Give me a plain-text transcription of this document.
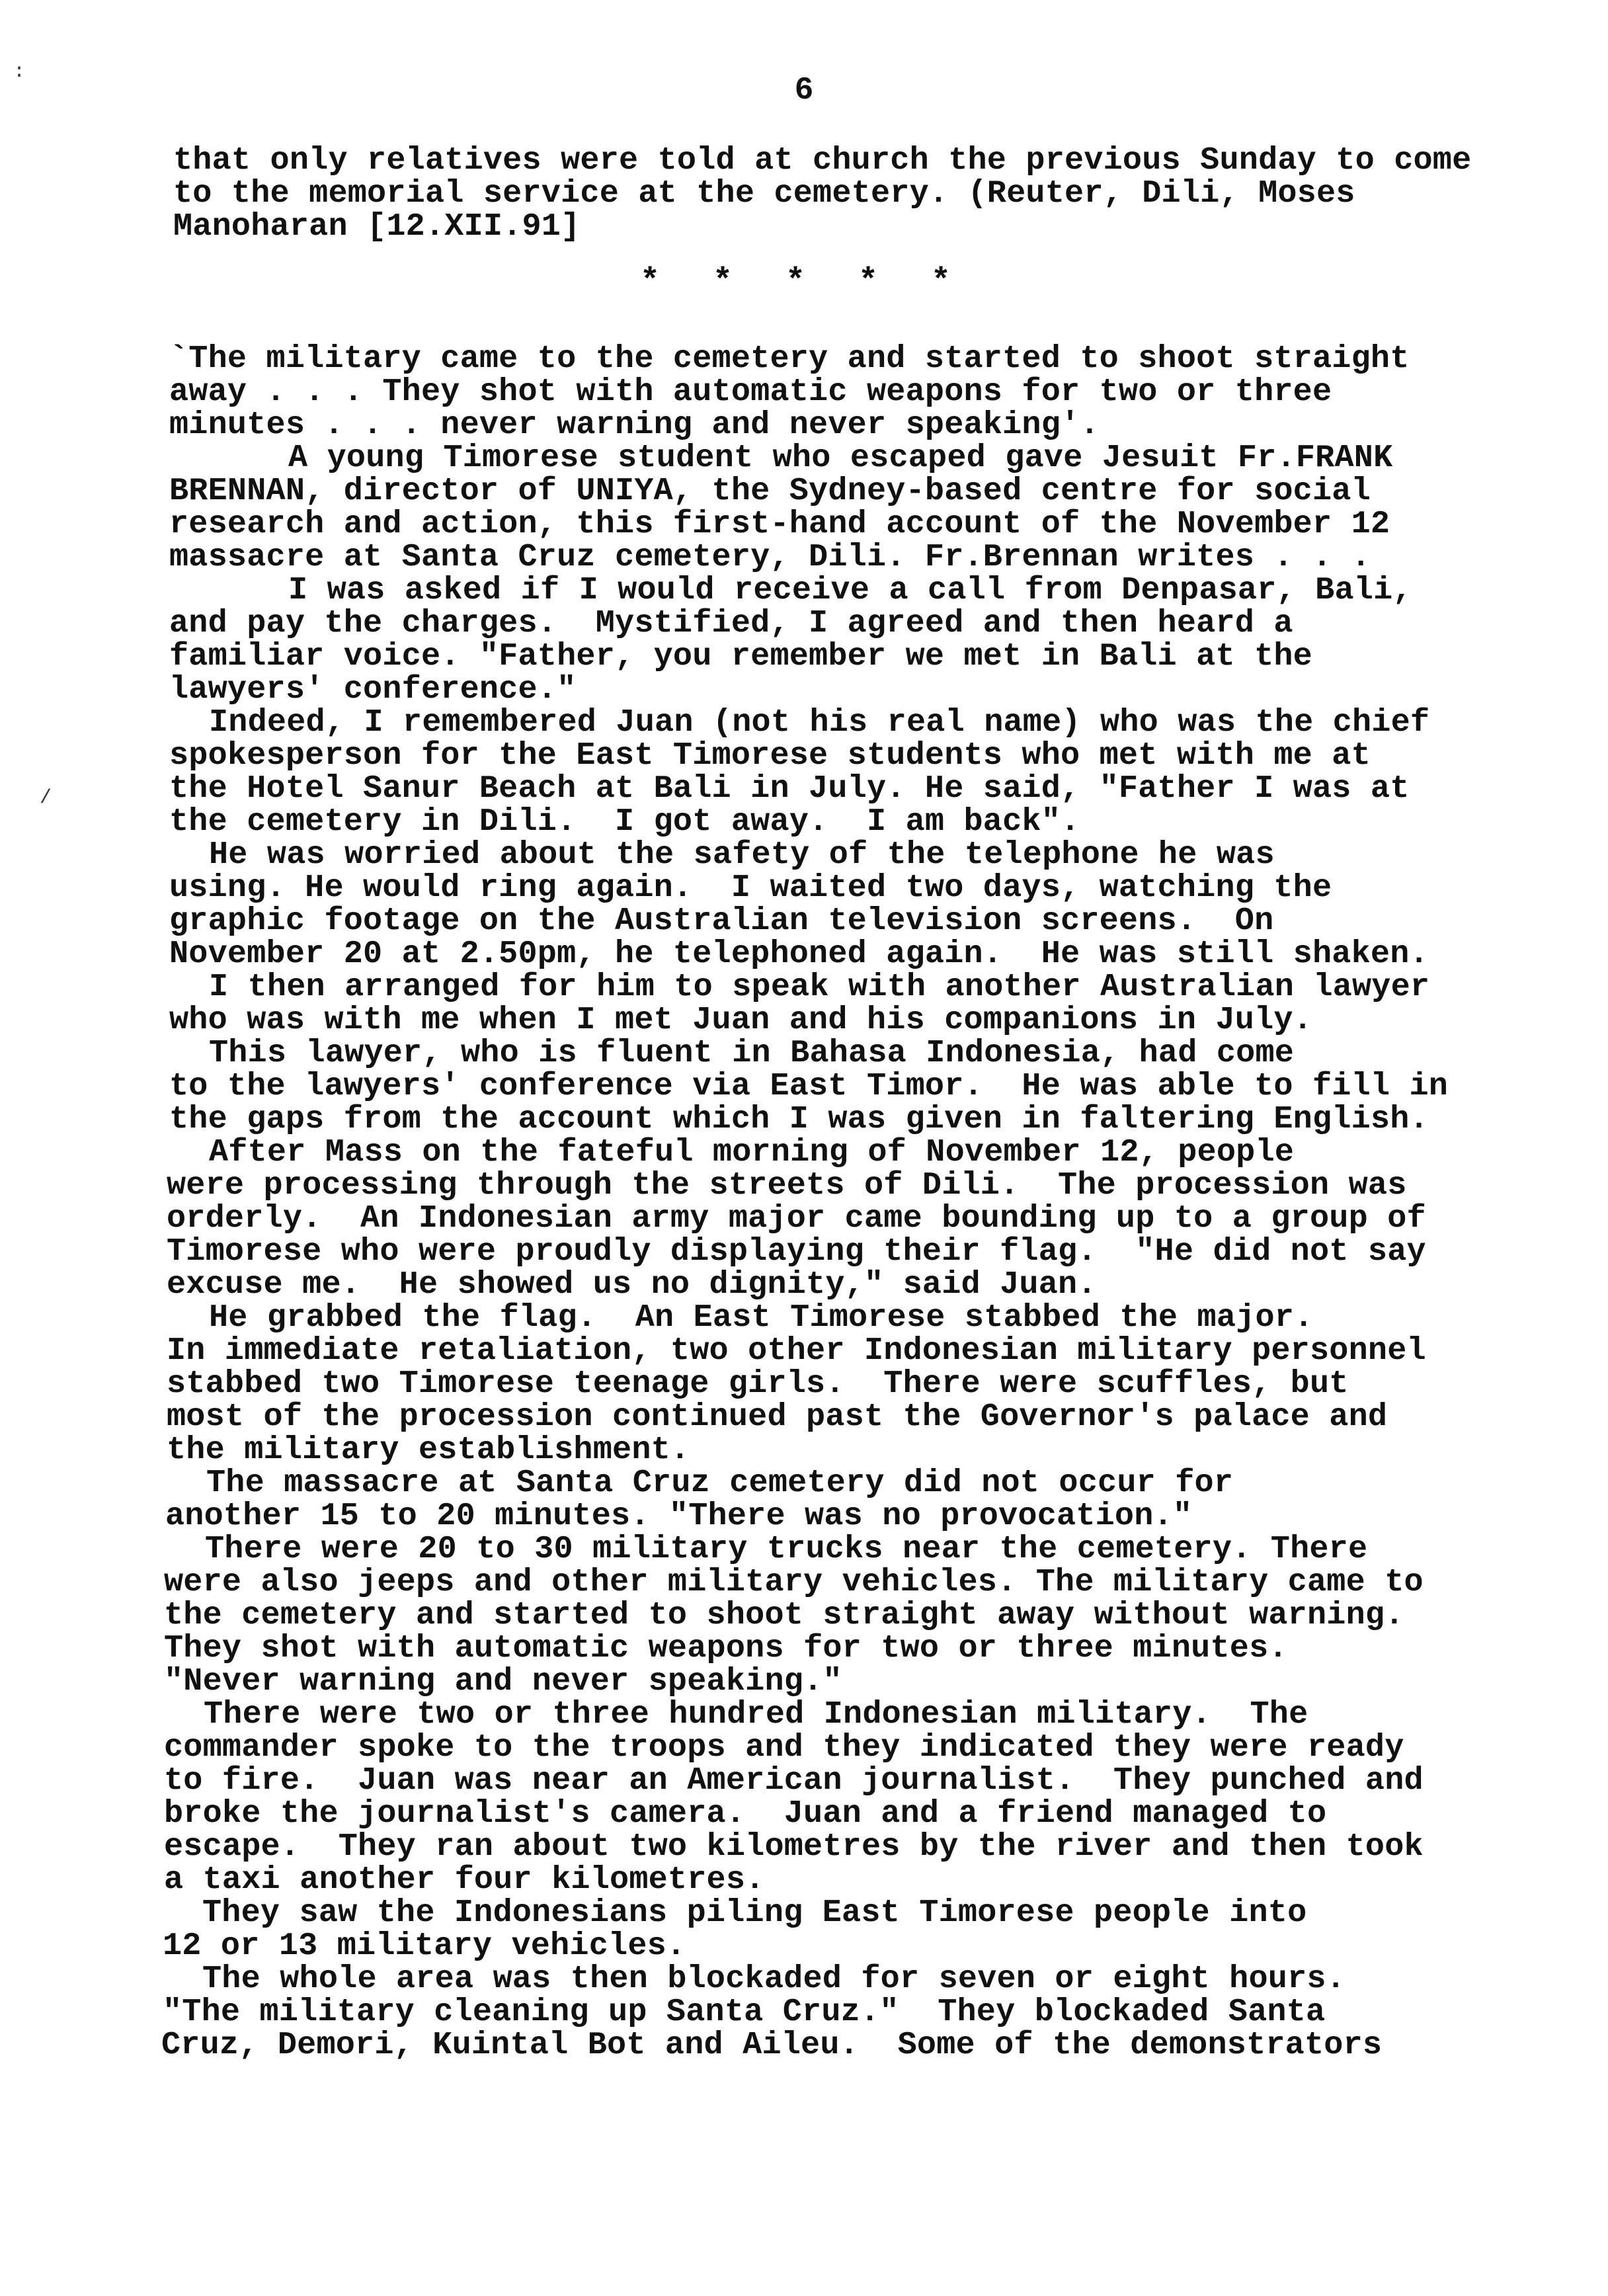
6
:
/
* * * * *
that only relatives were told at church the previous Sunday to come
to the memorial service at the cemetery. (Reuter, Dili, Moses
Manoharan [12.XII.91]
`The military came to the cemetery and started to shoot straight
away . . . They shot with automatic weapons for two or three
minutes . . . never warning and never speaking'.
A young Timorese student who escaped gave Jesuit Fr.FRANK
BRENNAN, director of UNIYA, the Sydney-based centre for social
research and action, this first-hand account of the November 12
massacre at Santa Cruz cemetery, Dili. Fr.Brennan writes . . .
I was asked if I would receive a call from Denpasar, Bali,
and pay the charges.  Mystified, I agreed and then heard a
familiar voice. "Father, you remember we met in Bali at the
lawyers' conference."
Indeed, I remembered Juan (not his real name) who was the chief
spokesperson for the East Timorese students who met with me at
the Hotel Sanur Beach at Bali in July. He said, "Father I was at
the cemetery in Dili.  I got away.  I am back".
He was worried about the safety of the telephone he was
using. He would ring again.  I waited two days, watching the
graphic footage on the Australian television screens.  On
November 20 at 2.50pm, he telephoned again.  He was still shaken.
I then arranged for him to speak with another Australian lawyer
who was with me when I met Juan and his companions in July.
This lawyer, who is fluent in Bahasa Indonesia, had come
to the lawyers' conference via East Timor.  He was able to fill in
the gaps from the account which I was given in faltering English.
After Mass on the fateful morning of November 12, people
were processing through the streets of Dili.  The procession was
orderly.  An Indonesian army major came bounding up to a group of
Timorese who were proudly displaying their flag.  "He did not say
excuse me.  He showed us no dignity," said Juan.
He grabbed the flag.  An East Timorese stabbed the major.
In immediate retaliation, two other Indonesian military personnel
stabbed two Timorese teenage girls.  There were scuffles, but
most of the procession continued past the Governor's palace and
the military establishment.
The massacre at Santa Cruz cemetery did not occur for
another 15 to 20 minutes. "There was no provocation."
There were 20 to 30 military trucks near the cemetery. There
were also jeeps and other military vehicles. The military came to
the cemetery and started to shoot straight away without warning.
They shot with automatic weapons for two or three minutes.
"Never warning and never speaking."
There were two or three hundred Indonesian military.  The
commander spoke to the troops and they indicated they were ready
to fire.  Juan was near an American journalist.  They punched and
broke the journalist's camera.  Juan and a friend managed to
escape.  They ran about two kilometres by the river and then took
a taxi another four kilometres.
They saw the Indonesians piling East Timorese people into
12 or 13 military vehicles.
The whole area was then blockaded for seven or eight hours.
"The military cleaning up Santa Cruz."  They blockaded Santa
Cruz, Demori, Kuintal Bot and Aileu.  Some of the demonstrators
